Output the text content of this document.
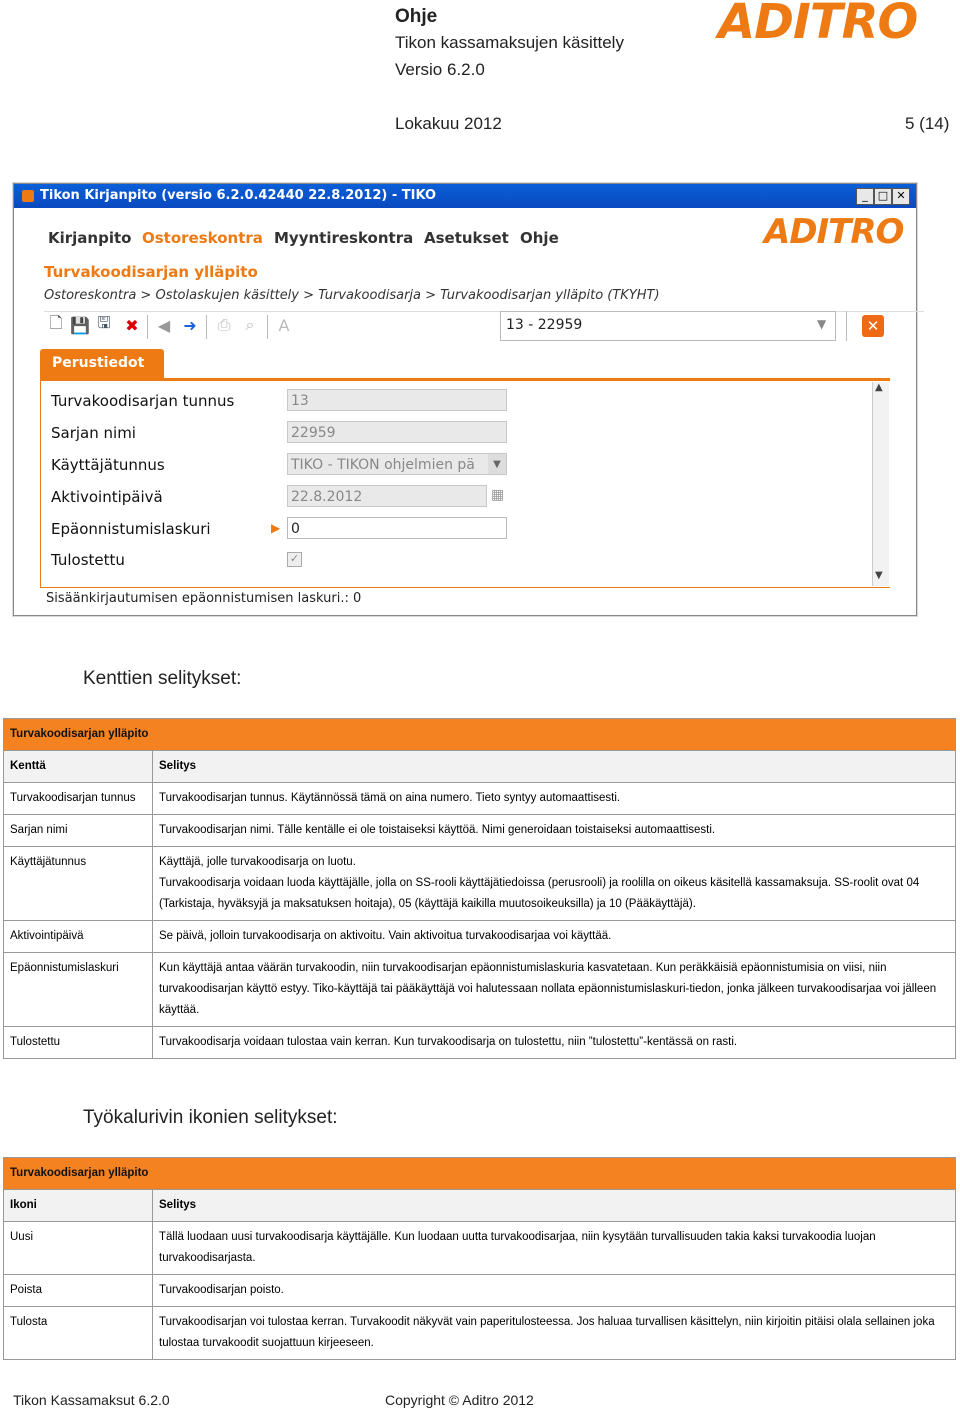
Ohje
Tikon kassamaksujen käsittely
Versio 6.2.0
Lokakuu 2012	5 (14)
ADITRO
Tikon Kirjanpito (versio 6.2.0.42440 22.8.2012) - TIKO	_ □ ✕
Kirjanpito Ostoreskontra Myyntireskontra Asetukset Ohje	ADITRO
Turvakoodisarjan ylläpito
Ostoreskontra > Ostolaskujen käsittely > Turvakoodisarja > Turvakoodisarjan ylläpito (TKYHT)
🗋 💾 🖫 ✖ ◀ ➜ ⎙ ⌕	A	13 - 22959	▼	✕
Perustiedot
▲
▼
Turvakoodisarjan tunnus	13
Sarjan nimi	22959
Käyttäjätunnus	TIKO - TIKON ohjelmien pä	▼
Aktivointipäivä	22.8.2012	▦
▶
Epäonnistumislaskuri	0
Tulostettu	✓
Sisäänkirjautumisen epäonnistumisen laskuri.: 0
Kenttien selitykset:
Turvakoodisarjan ylläpito	
Kenttä	Selitys
Turvakoodisarjan tunnus	Turvakoodisarjan tunnus. Käytännössä tämä on aina numero. Tieto syntyy automaattisesti.
Sarjan nimi	Turvakoodisarjan nimi. Tälle kentälle ei ole toistaiseksi käyttöä. Nimi generoidaan toistaiseksi automaattisesti.
Käyttäjätunnus	Käyttäjä, jolle turvakoodisarja on luotu.
Turvakoodisarja voidaan luoda käyttäjälle, jolla on SS-rooli käyttäjätiedoissa (perusrooli) ja roolilla on oikeus käsitellä kassamaksuja. SS-roolit ovat 04 (Tarkistaja, hyväksyjä ja maksatuksen hoitaja), 05 (käyttäjä kaikilla muutosoikeuksilla) ja 10 (Pääkäyttäjä).
Aktivointipäivä	Se päivä, jolloin turvakoodisarja on aktivoitu. Vain aktivoitua turvakoodisarjaa voi käyttää.
Epäonnistumislaskuri	Kun käyttäjä antaa väärän turvakoodin, niin turvakoodisarjan epäonnistumislaskuria kasvatetaan. Kun peräkkäisiä epäonnistumisia on viisi, niin turvakoodisarjan käyttö estyy. Tiko-käyttäjä tai pääkäyttäjä voi halutessaan nollata epäonnistumislaskuri-tiedon, jonka jälkeen turvakoodisarjaa voi jälleen käyttää.
Tulostettu	Turvakoodisarja voidaan tulostaa vain kerran. Kun turvakoodisarja on tulostettu, niin ”tulostettu”-kentässä on rasti.
Työkalurivin ikonien selitykset:
Turvakoodisarjan ylläpito	
Ikoni	Selitys
Uusi	Tällä luodaan uusi turvakoodisarja käyttäjälle. Kun luodaan uutta turvakoodisarjaa, niin kysytään turvallisuuden takia kaksi turvakoodia luojan turvakoodisarjasta.
Poista	Turvakoodisarjan poisto.
Tulosta	Turvakoodisarjan voi tulostaa kerran. Turvakoodit näkyvät vain paperitulosteessa. Jos haluaa turvallisen käsittelyn, niin kirjoitin pitäisi olala sellainen joka tulostaa turvakoodit suojattuun kirjeeseen.
Tikon Kassamaksut 6.2.0	Copyright © Aditro 2012
